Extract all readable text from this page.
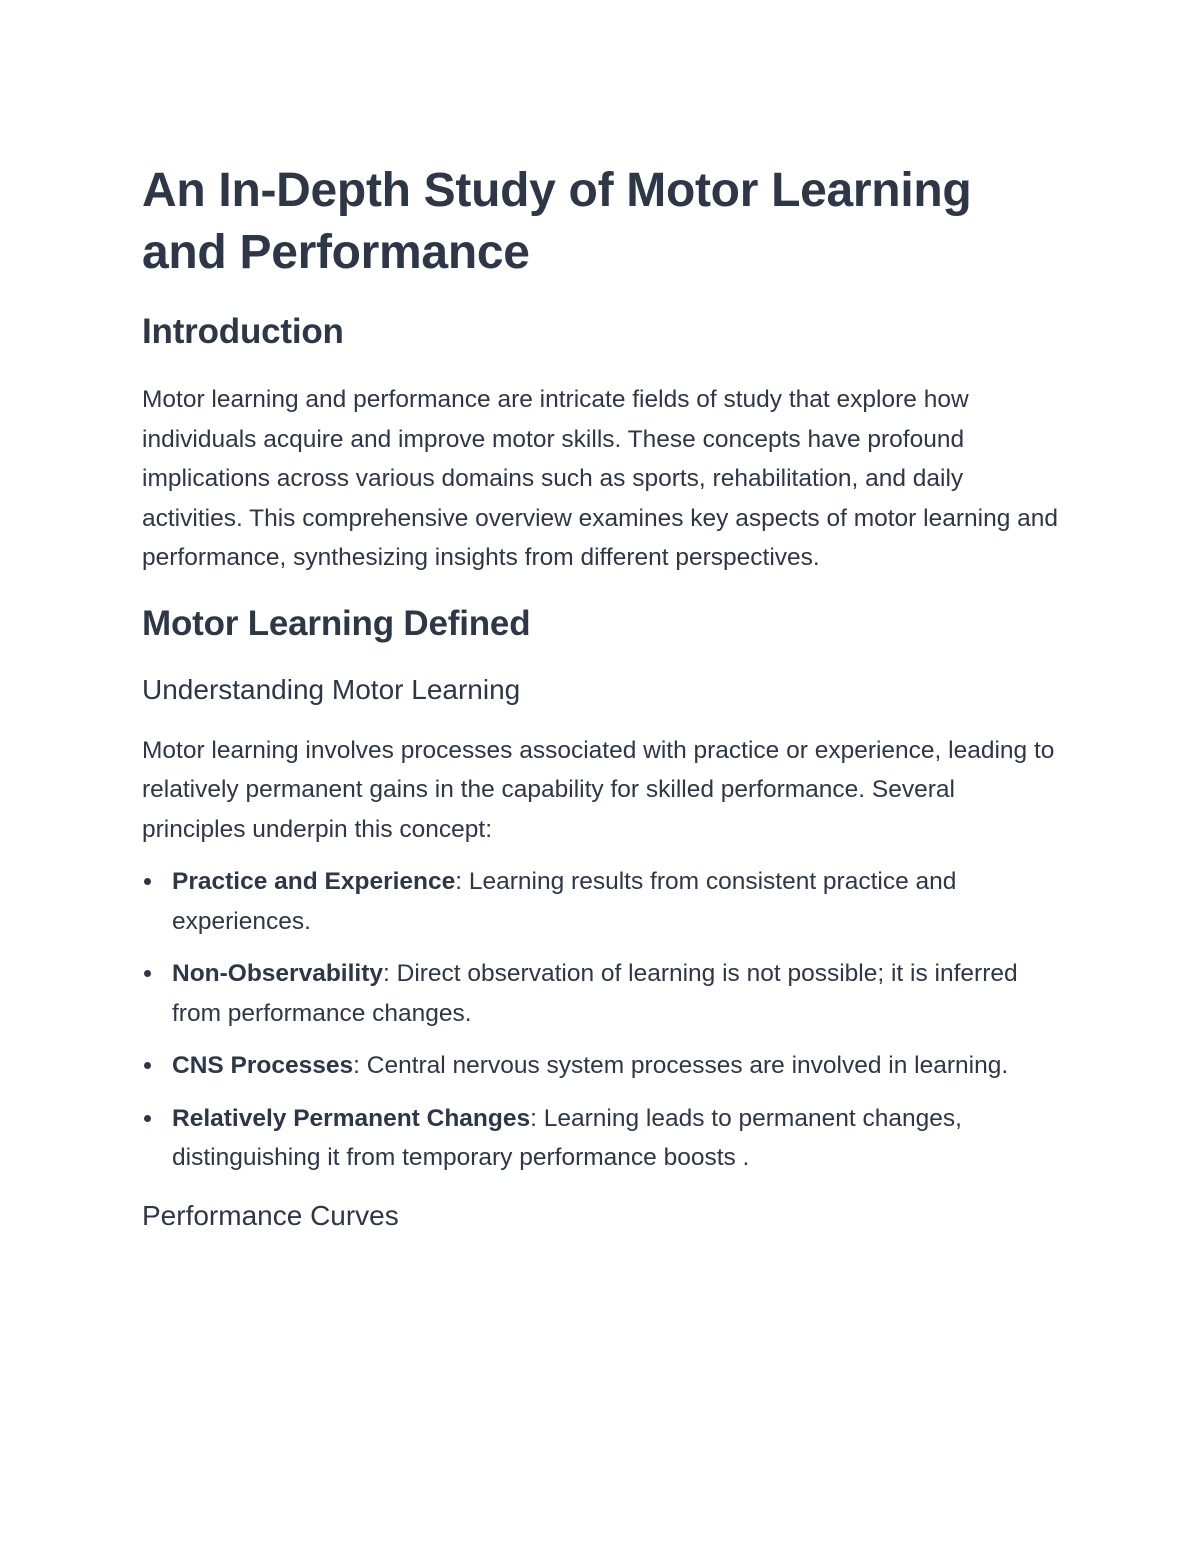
An In-Depth Study of Motor Learning and Performance
Introduction

Motor learning and performance are intricate fields of study that explore how individuals acquire and improve motor skills. These concepts have profound implications across various domains such as sports, rehabilitation, and daily activities. This comprehensive overview examines key aspects of motor learning and performance, synthesizing insights from different perspectives.

Motor Learning Defined
Understanding Motor Learning

Motor learning involves processes associated with practice or experience, leading to relatively permanent gains in the capability for skilled performance. Several principles underpin this concept:

Practice and Experience: Learning results from consistent practice and experiences.
Non-Observability: Direct observation of learning is not possible; it is inferred from performance changes.
CNS Processes: Central nervous system processes are involved in learning.
Relatively Permanent Changes: Learning leads to permanent changes, distinguishing it from temporary performance boosts .
Performance Curves
